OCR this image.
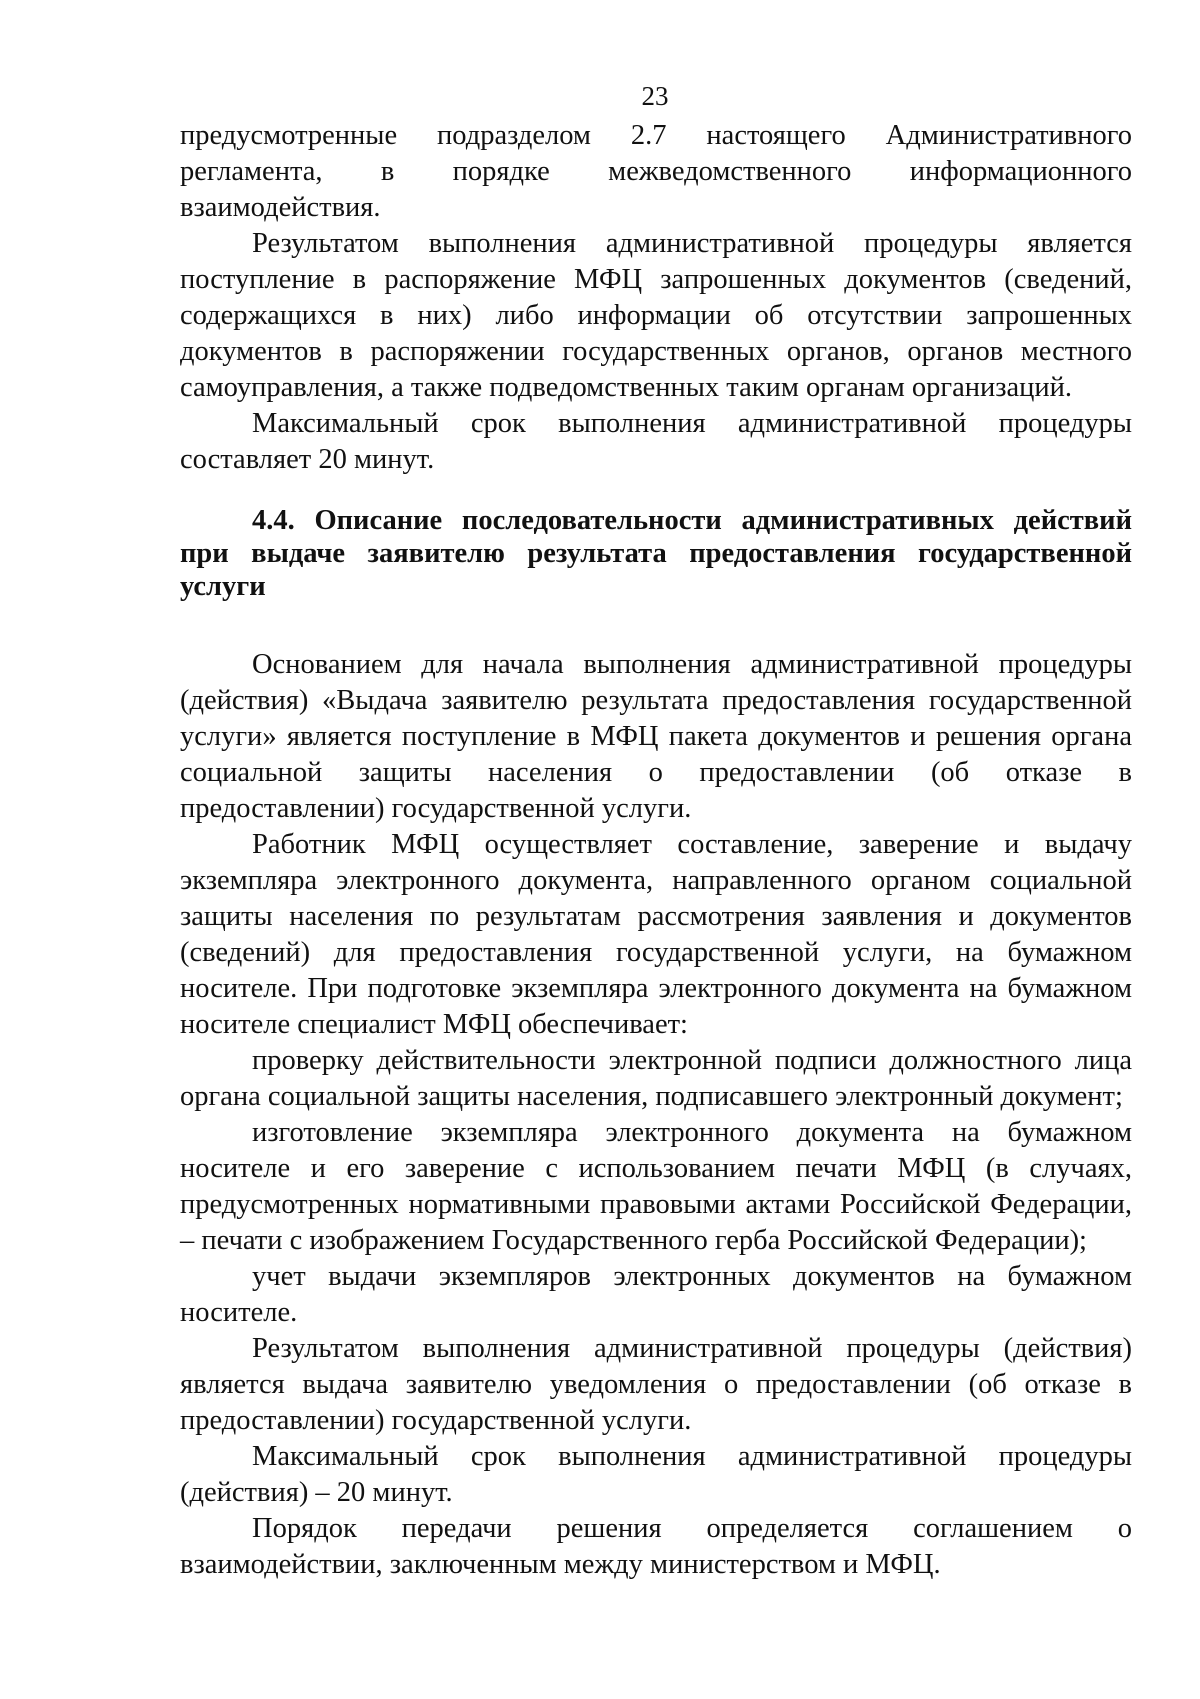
23

предусмотренные подразделом 2.7 настоящего Административного регламента, в порядке межведомственного информационного взаимодействия.

Результатом выполнения административной процедуры является поступление в распоряжение МФЦ запрошенных документов (сведений, содержащихся в них) либо информации об отсутствии запрошенных документов в распоряжении государственных органов, органов местного самоуправления, а также подведомственных таким органам организаций.

Максимальный срок выполнения административной процедуры составляет 20 минут.

4.4. Описание последовательности административных действий при выдаче заявителю результата предоставления государственной услуги

Основанием для начала выполнения административной процедуры (действия) «Выдача заявителю результата предоставления государственной услуги» является поступление в МФЦ пакета документов и решения органа социальной защиты населения о предоставлении (об отказе в предоставлении) государственной услуги.

Работник МФЦ осуществляет составление, заверение и выдачу экземпляра электронного документа, направленного органом социальной защиты населения по результатам рассмотрения заявления и документов (сведений) для предоставления государственной услуги, на бумажном носителе. При подготовке экземпляра электронного документа на бумажном носителе специалист МФЦ обеспечивает:

проверку действительности электронной подписи должностного лица органа социальной защиты населения, подписавшего электронный документ;

изготовление экземпляра электронного документа на бумажном носителе и его заверение с использованием печати МФЦ (в случаях, предусмотренных нормативными правовыми актами Российской Федерации, – печати с изображением Государственного герба Российской Федерации);

учет выдачи экземпляров электронных документов на бумажном носителе.

Результатом выполнения административной процедуры (действия) является выдача заявителю уведомления о предоставлении (об отказе в предоставлении) государственной услуги.

Максимальный срок выполнения административной процедуры (действия) – 20 минут.

Порядок передачи решения определяется соглашением о взаимодействии, заключенным между министерством и МФЦ.
